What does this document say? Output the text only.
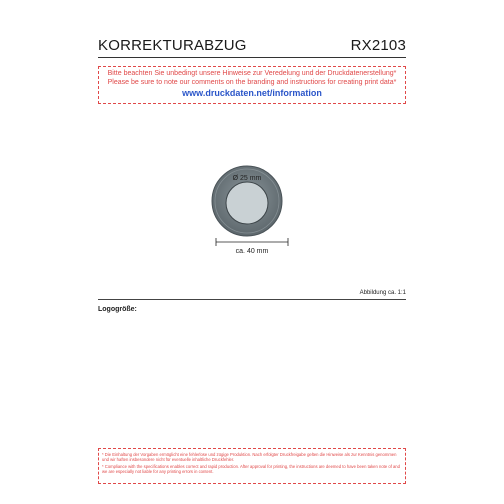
KORREKTURABZUG	RX2103
Bitte beachten Sie unbedingt unsere Hinweise zur Veredelung und der Druckdatenerstellung*
Please be sure to note our comments on the branding and instructions for creating print data*
www.druckdaten.net/information
Ø 25 mm
ca. 40 mm
Abbildung ca. 1:1
Logogröße:

* Die Einhaltung der Vorgaben ermöglicht eine fehlerlose und zügige Produktion. Nach erfolgter Druckfreigabe gelten die Hinweise als zur Kenntnis genommen und wir haften insbesondere nicht für eventuelle inhaltliche Druckfehler.

* Compliance with the specifications enables correct and rapid production. After approval for printing, the instructions are deemed to have been taken note of and we are especially not liable for any printing errors in content.
